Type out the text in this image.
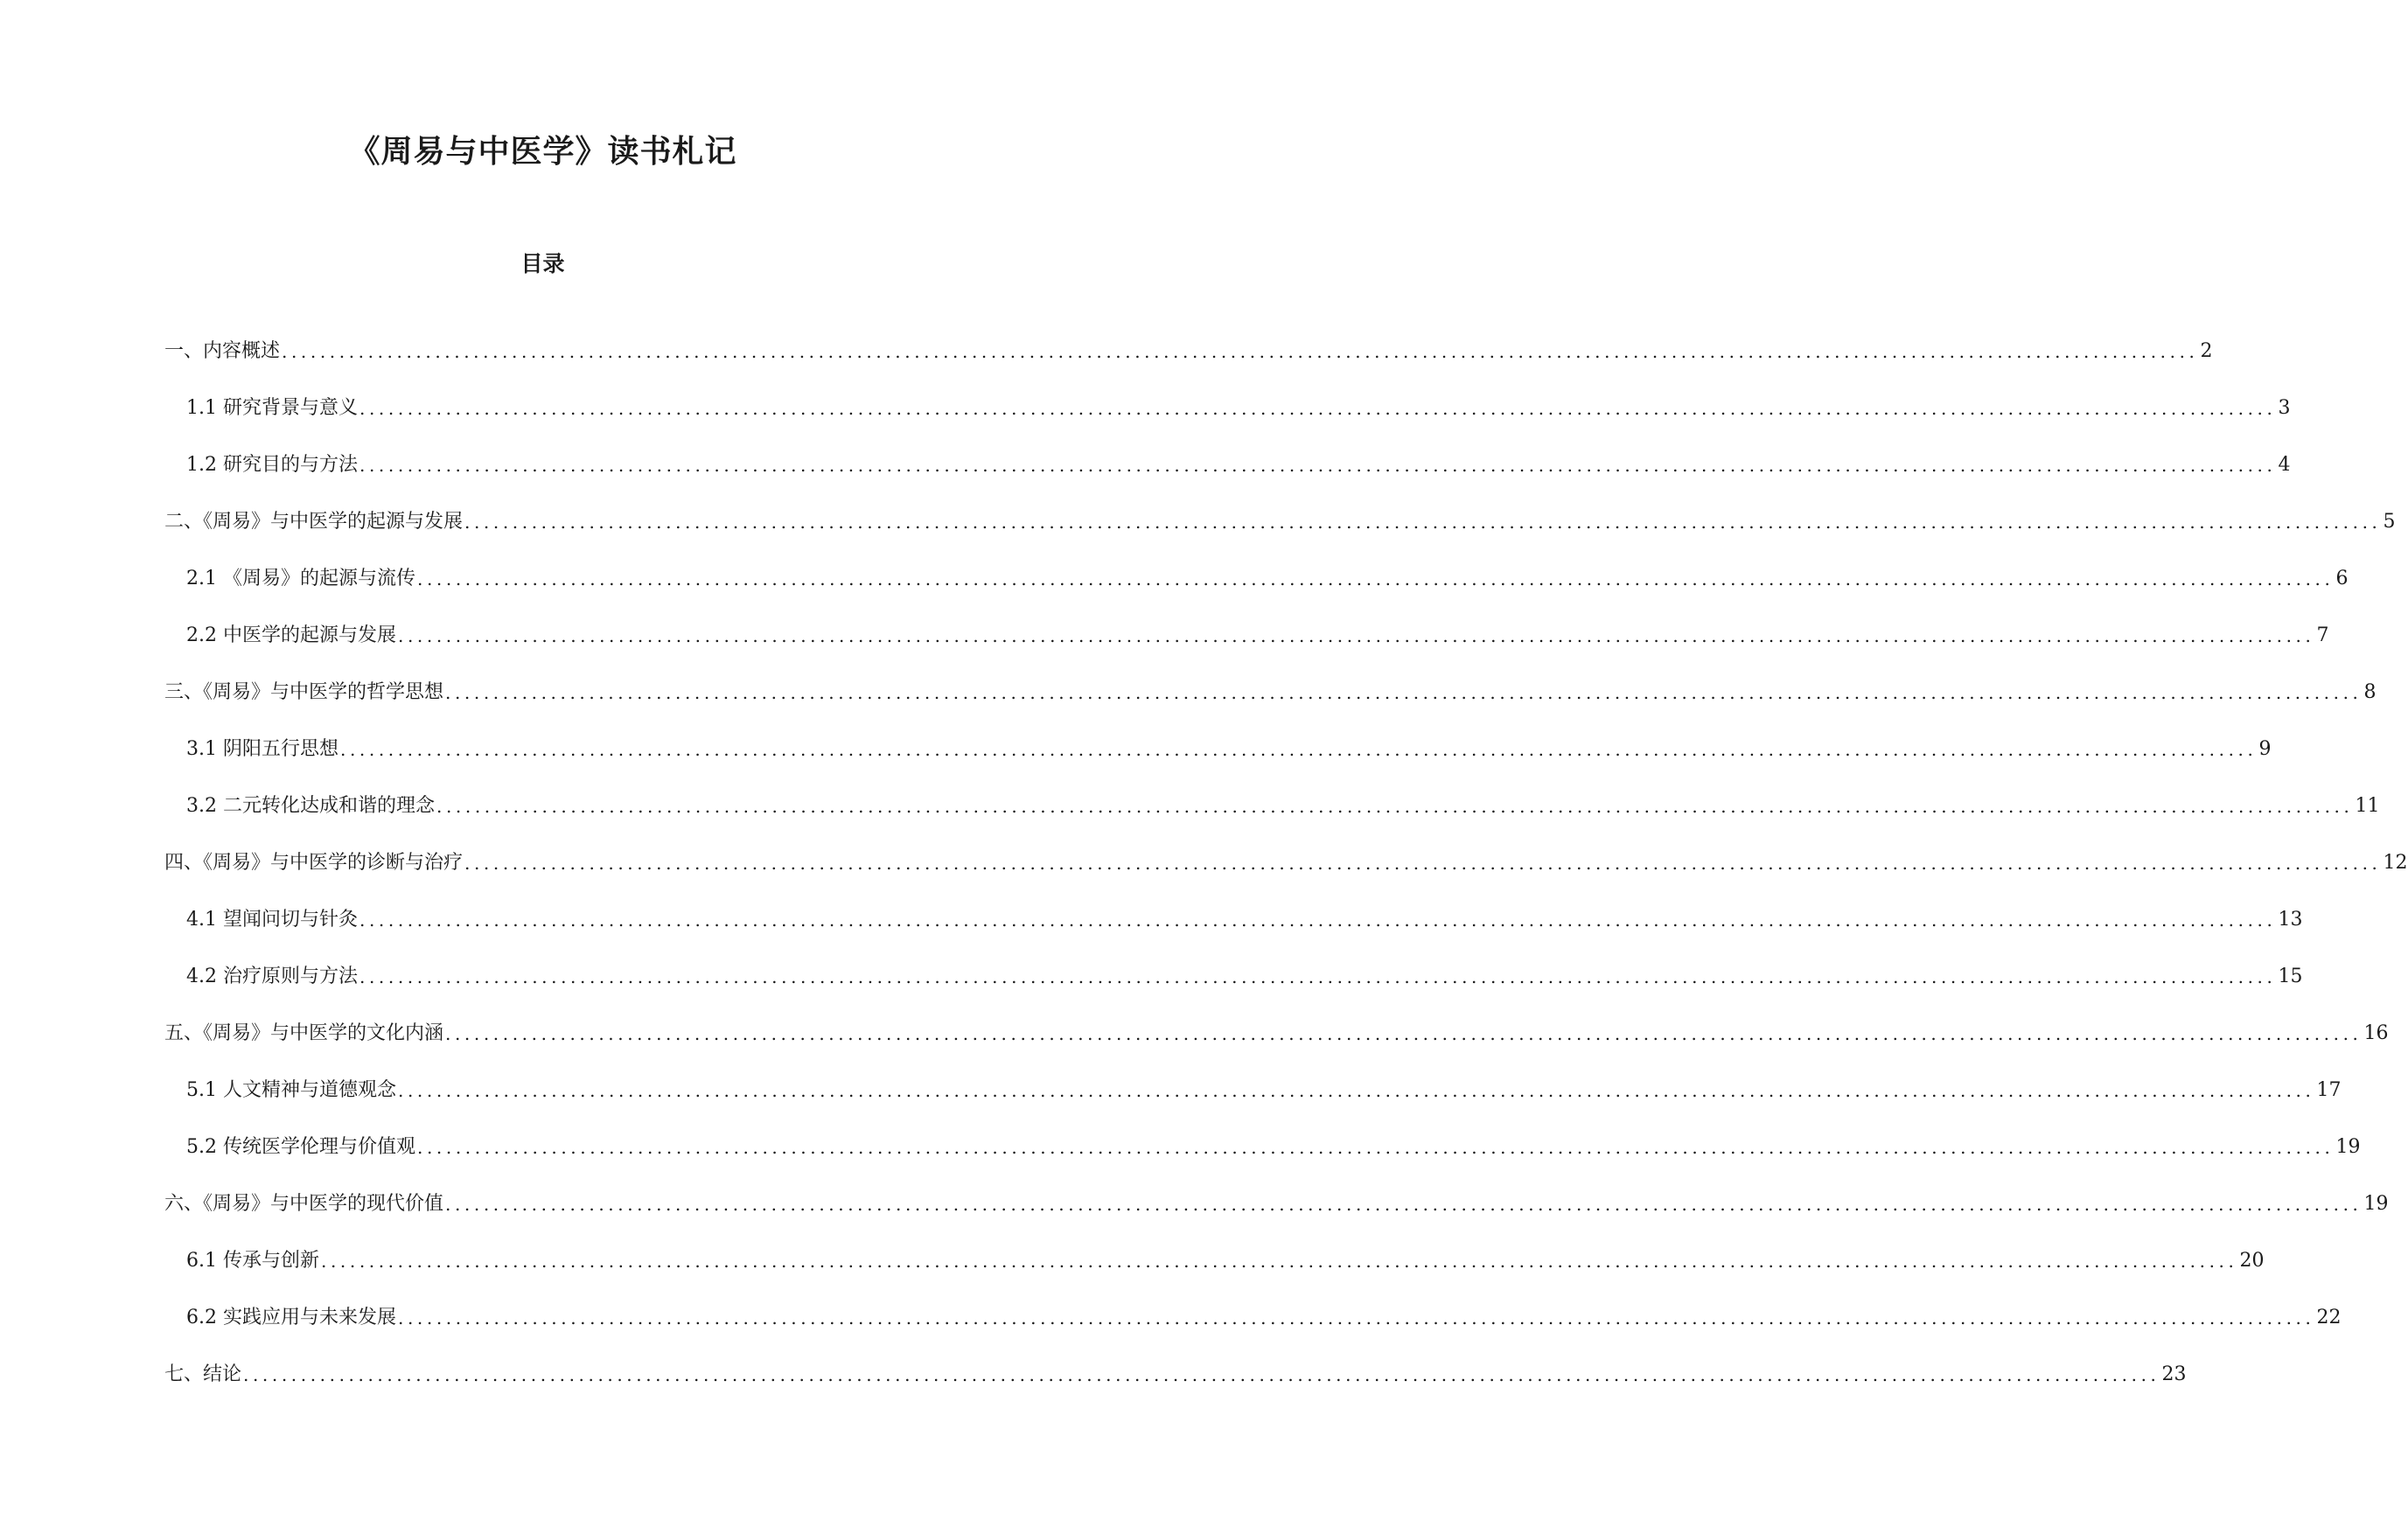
《周易与中医学》读书札记
目录
一、内容概述 ........................................................................................................................................................................................................ 2
1.1 研究背景与意义 ........................................................................................................................................................................................................ 3
1.2 研究目的与方法 ........................................................................................................................................................................................................ 4
二、《周易》与中医学的起源与发展 ........................................................................................................................................................................................................ 5
2.1 《周易》的起源与流传 ........................................................................................................................................................................................................ 6
2.2 中医学的起源与发展 ........................................................................................................................................................................................................ 7
三、《周易》与中医学的哲学思想 ........................................................................................................................................................................................................ 8
3.1 阴阳五行思想 ........................................................................................................................................................................................................ 9
3.2 二元转化达成和谐的理念 ........................................................................................................................................................................................................ 11
四、《周易》与中医学的诊断与治疗 ........................................................................................................................................................................................................ 12
4.1 望闻问切与针灸 ........................................................................................................................................................................................................ 13
4.2 治疗原则与方法 ........................................................................................................................................................................................................ 15
五、《周易》与中医学的文化内涵 ........................................................................................................................................................................................................ 16
5.1 人文精神与道德观念 ........................................................................................................................................................................................................ 17
5.2 传统医学伦理与价值观 ........................................................................................................................................................................................................ 19
六、《周易》与中医学的现代价值 ........................................................................................................................................................................................................ 19
6.1 传承与创新 ........................................................................................................................................................................................................ 20
6.2 实践应用与未来发展 ........................................................................................................................................................................................................ 22
七、结论 ........................................................................................................................................................................................................ 23
